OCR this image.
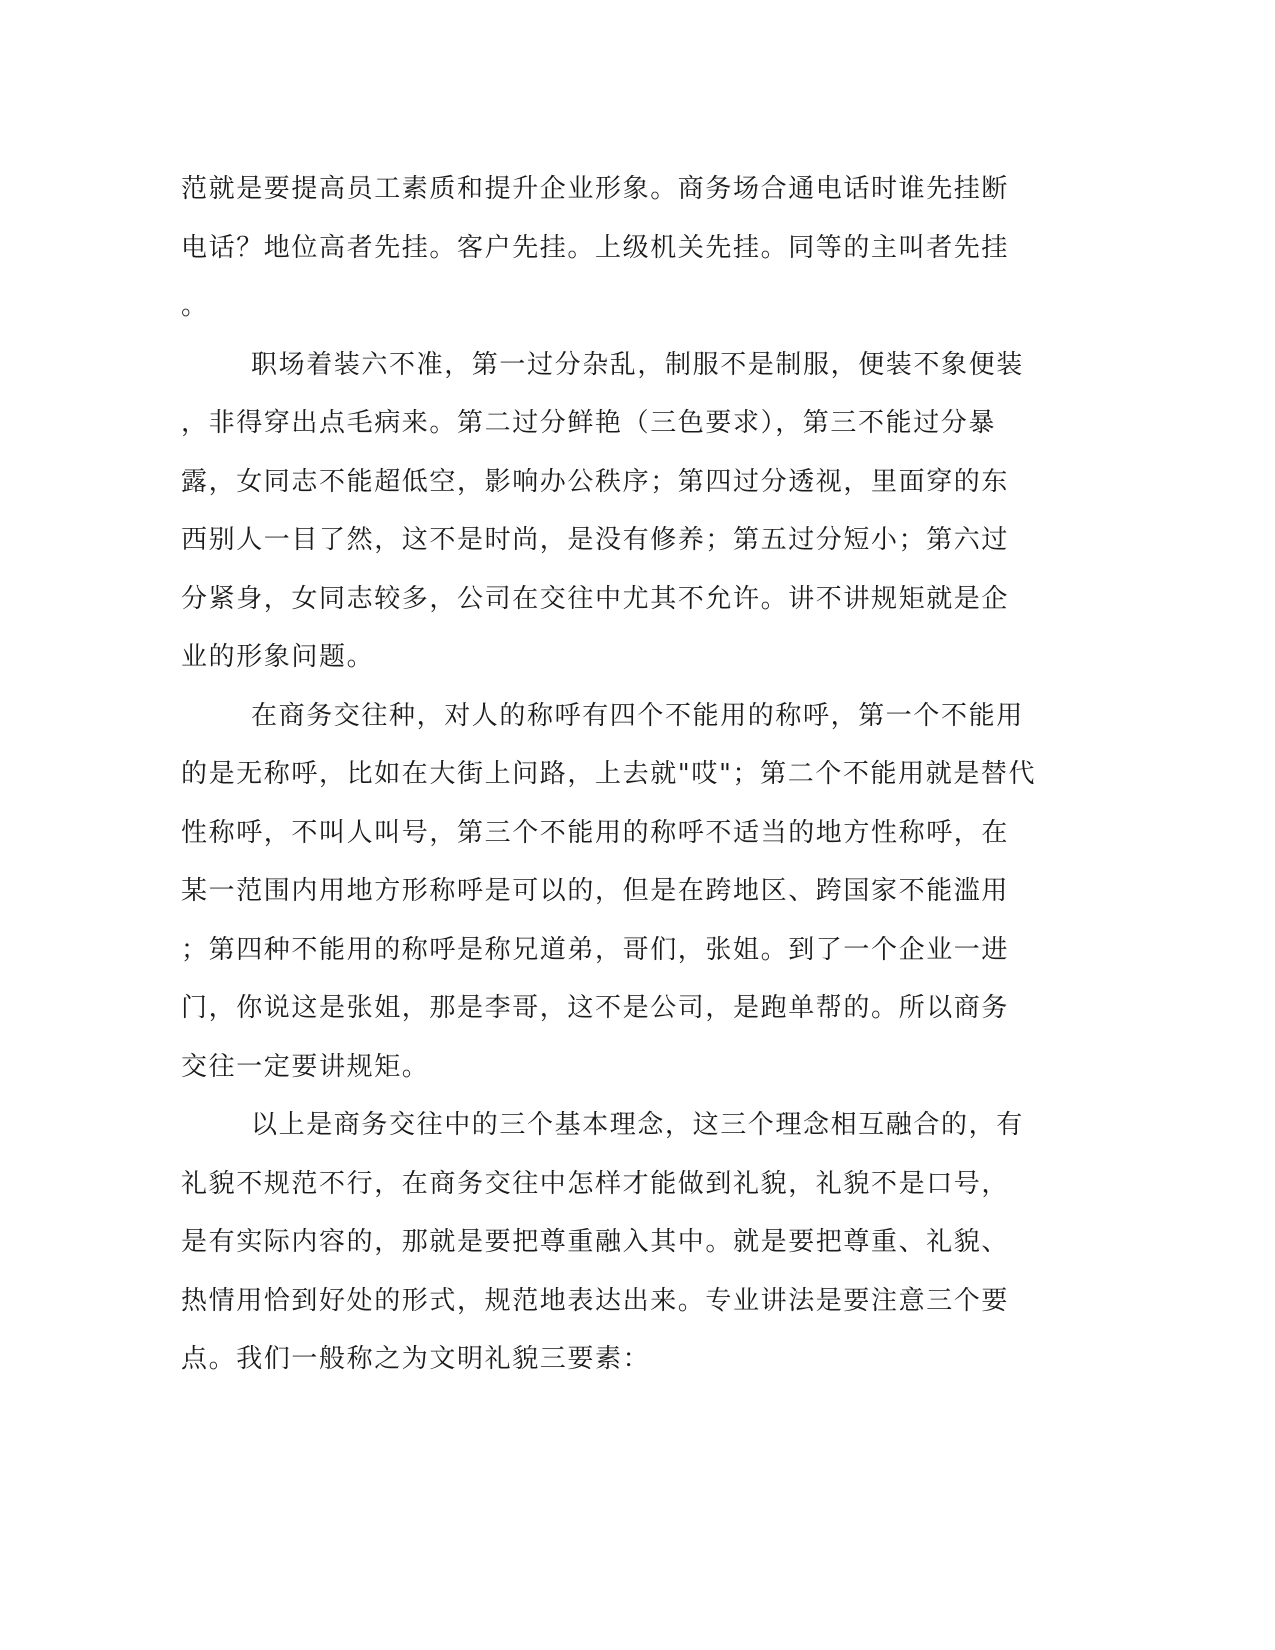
范就是要提高员工素质和提升企业形象。商务场合通电话时谁先挂断
电话？地位高者先挂。客户先挂。上级机关先挂。同等的主叫者先挂
。
职场着装六不准，第一过分杂乱，制服不是制服，便装不象便装
，非得穿出点毛病来。第二过分鲜艳（三色要求），第三不能过分暴
露，女同志不能超低空，影响办公秩序；第四过分透视，里面穿的东
西别人一目了然，这不是时尚，是没有修养；第五过分短小；第六过
分紧身，女同志较多，公司在交往中尤其不允许。讲不讲规矩就是企
业的形象问题。
在商务交往种，对人的称呼有四个不能用的称呼，第一个不能用
的是无称呼，比如在大街上问路，上去就"哎"；第二个不能用就是替代
性称呼，不叫人叫号，第三个不能用的称呼不适当的地方性称呼，在
某一范围内用地方形称呼是可以的，但是在跨地区、跨国家不能滥用
；第四种不能用的称呼是称兄道弟，哥们，张姐。到了一个企业一进
门，你说这是张姐，那是李哥，这不是公司，是跑单帮的。所以商务
交往一定要讲规矩。
以上是商务交往中的三个基本理念，这三个理念相互融合的，有
礼貌不规范不行，在商务交往中怎样才能做到礼貌，礼貌不是口号，
是有实际内容的，那就是要把尊重融入其中。就是要把尊重、礼貌、
热情用恰到好处的形式，规范地表达出来。专业讲法是要注意三个要
点。我们一般称之为文明礼貌三要素：
